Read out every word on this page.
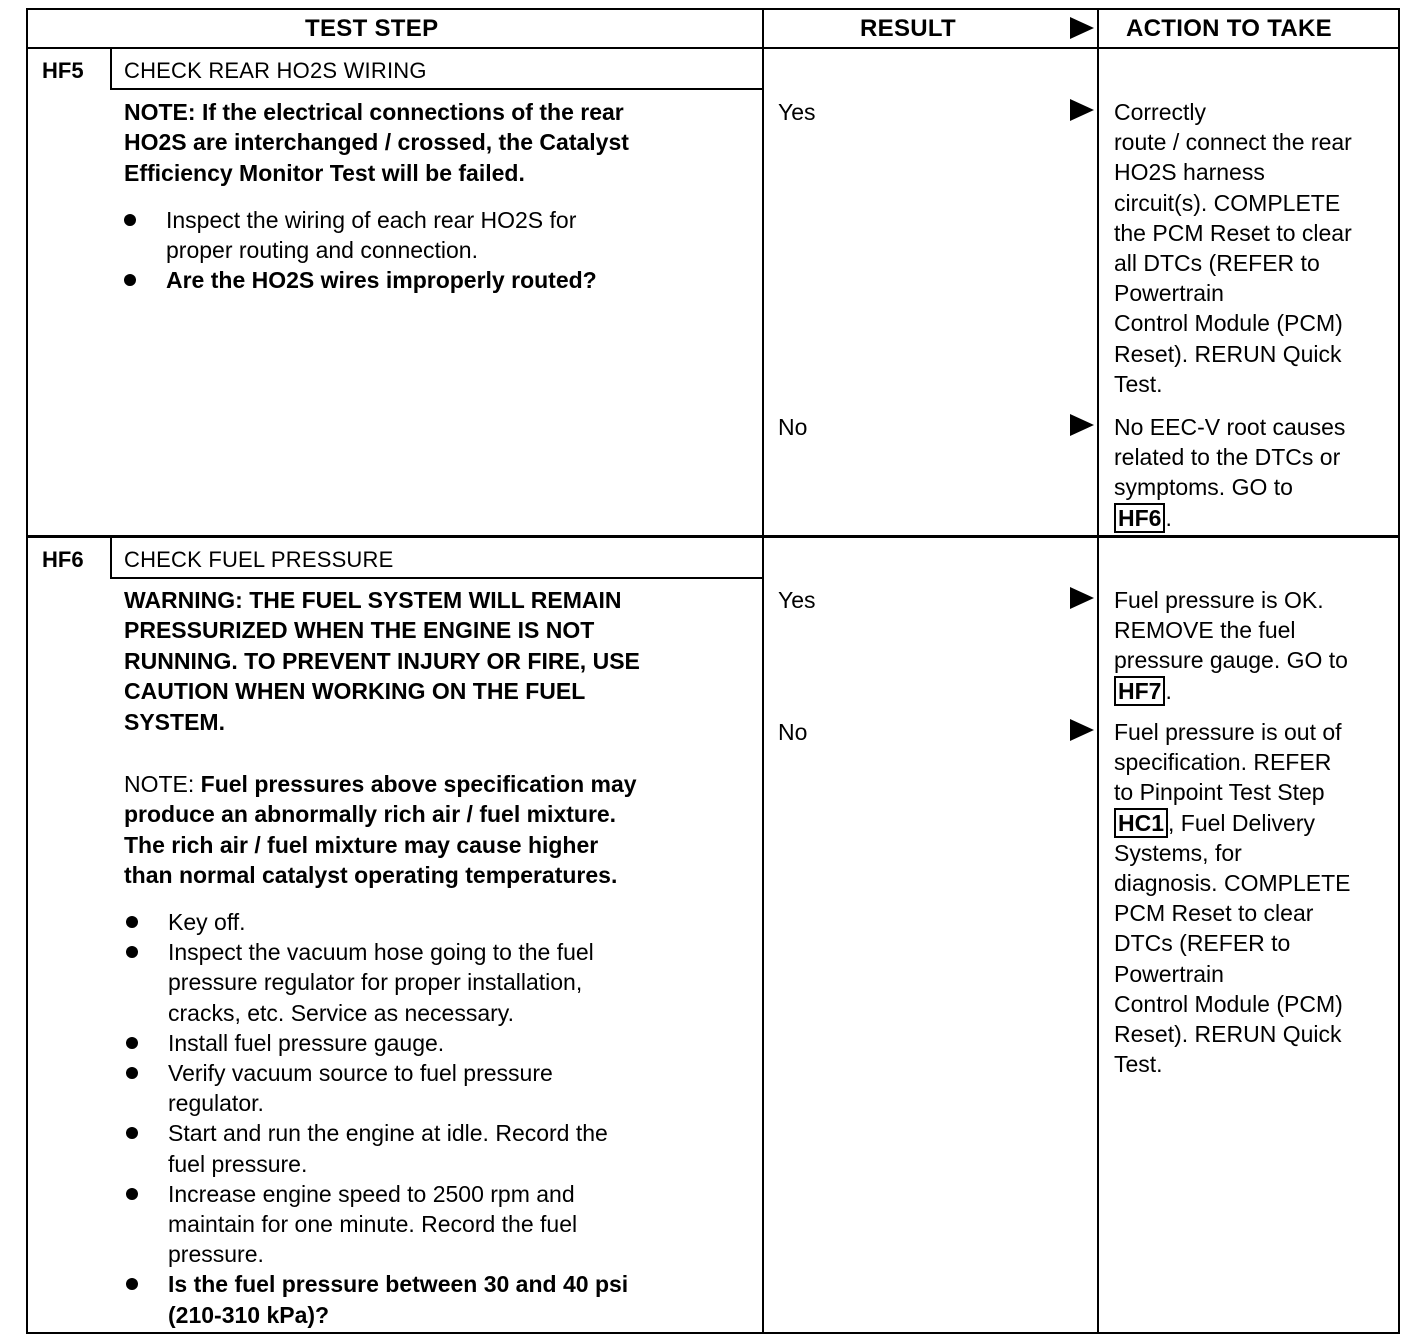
TEST STEP	RESULT	ACTION TO TAKE
HF5 CHECK REAR HO2S WIRING
NOTE: If the electrical connections of the rear
HO2S are interchanged / crossed, the Catalyst
Efficiency Monitor Test will be failed.
Inspect the wiring of each rear HO2S for
proper routing and connection.
Are the HO2S wires improperly routed?
Yes	Correctly
route / connect the rear
HO2S harness
circuit(s). COMPLETE
the PCM Reset to clear
all DTCs (REFER to
Powertrain
Control Module (PCM)
Reset). RERUN Quick
Test.
No	No EEC-V root causes
related to the DTCs or
symptoms. GO to
HF6 .
HF6 CHECK FUEL PRESSURE
WARNING: THE FUEL SYSTEM WILL REMAIN
PRESSURIZED WHEN THE ENGINE IS NOT
RUNNING. TO PREVENT INJURY OR FIRE, USE
CAUTION WHEN WORKING ON THE FUEL
SYSTEM.
NOTE: Fuel pressures above specification may
produce an abnormally rich air / fuel mixture.
The rich air / fuel mixture may cause higher
than normal catalyst operating temperatures.
Key off.
Inspect the vacuum hose going to the fuel
pressure regulator for proper installation,
cracks, etc. Service as necessary.
Install fuel pressure gauge.
Verify vacuum source to fuel pressure
regulator.
Start and run the engine at idle. Record the
fuel pressure.
Increase engine speed to 2500 rpm and
maintain for one minute. Record the fuel
pressure.
Is the fuel pressure between 30 and 40 psi
(210-310 kPa)?
Yes	Fuel pressure is OK.
REMOVE the fuel
pressure gauge. GO to
HF7 .
No	Fuel pressure is out of
specification. REFER
to Pinpoint Test Step
HC1 , Fuel Delivery
Systems, for
diagnosis. COMPLETE
PCM Reset to clear
DTCs (REFER to
Powertrain
Control Module (PCM)
Reset). RERUN Quick
Test.
